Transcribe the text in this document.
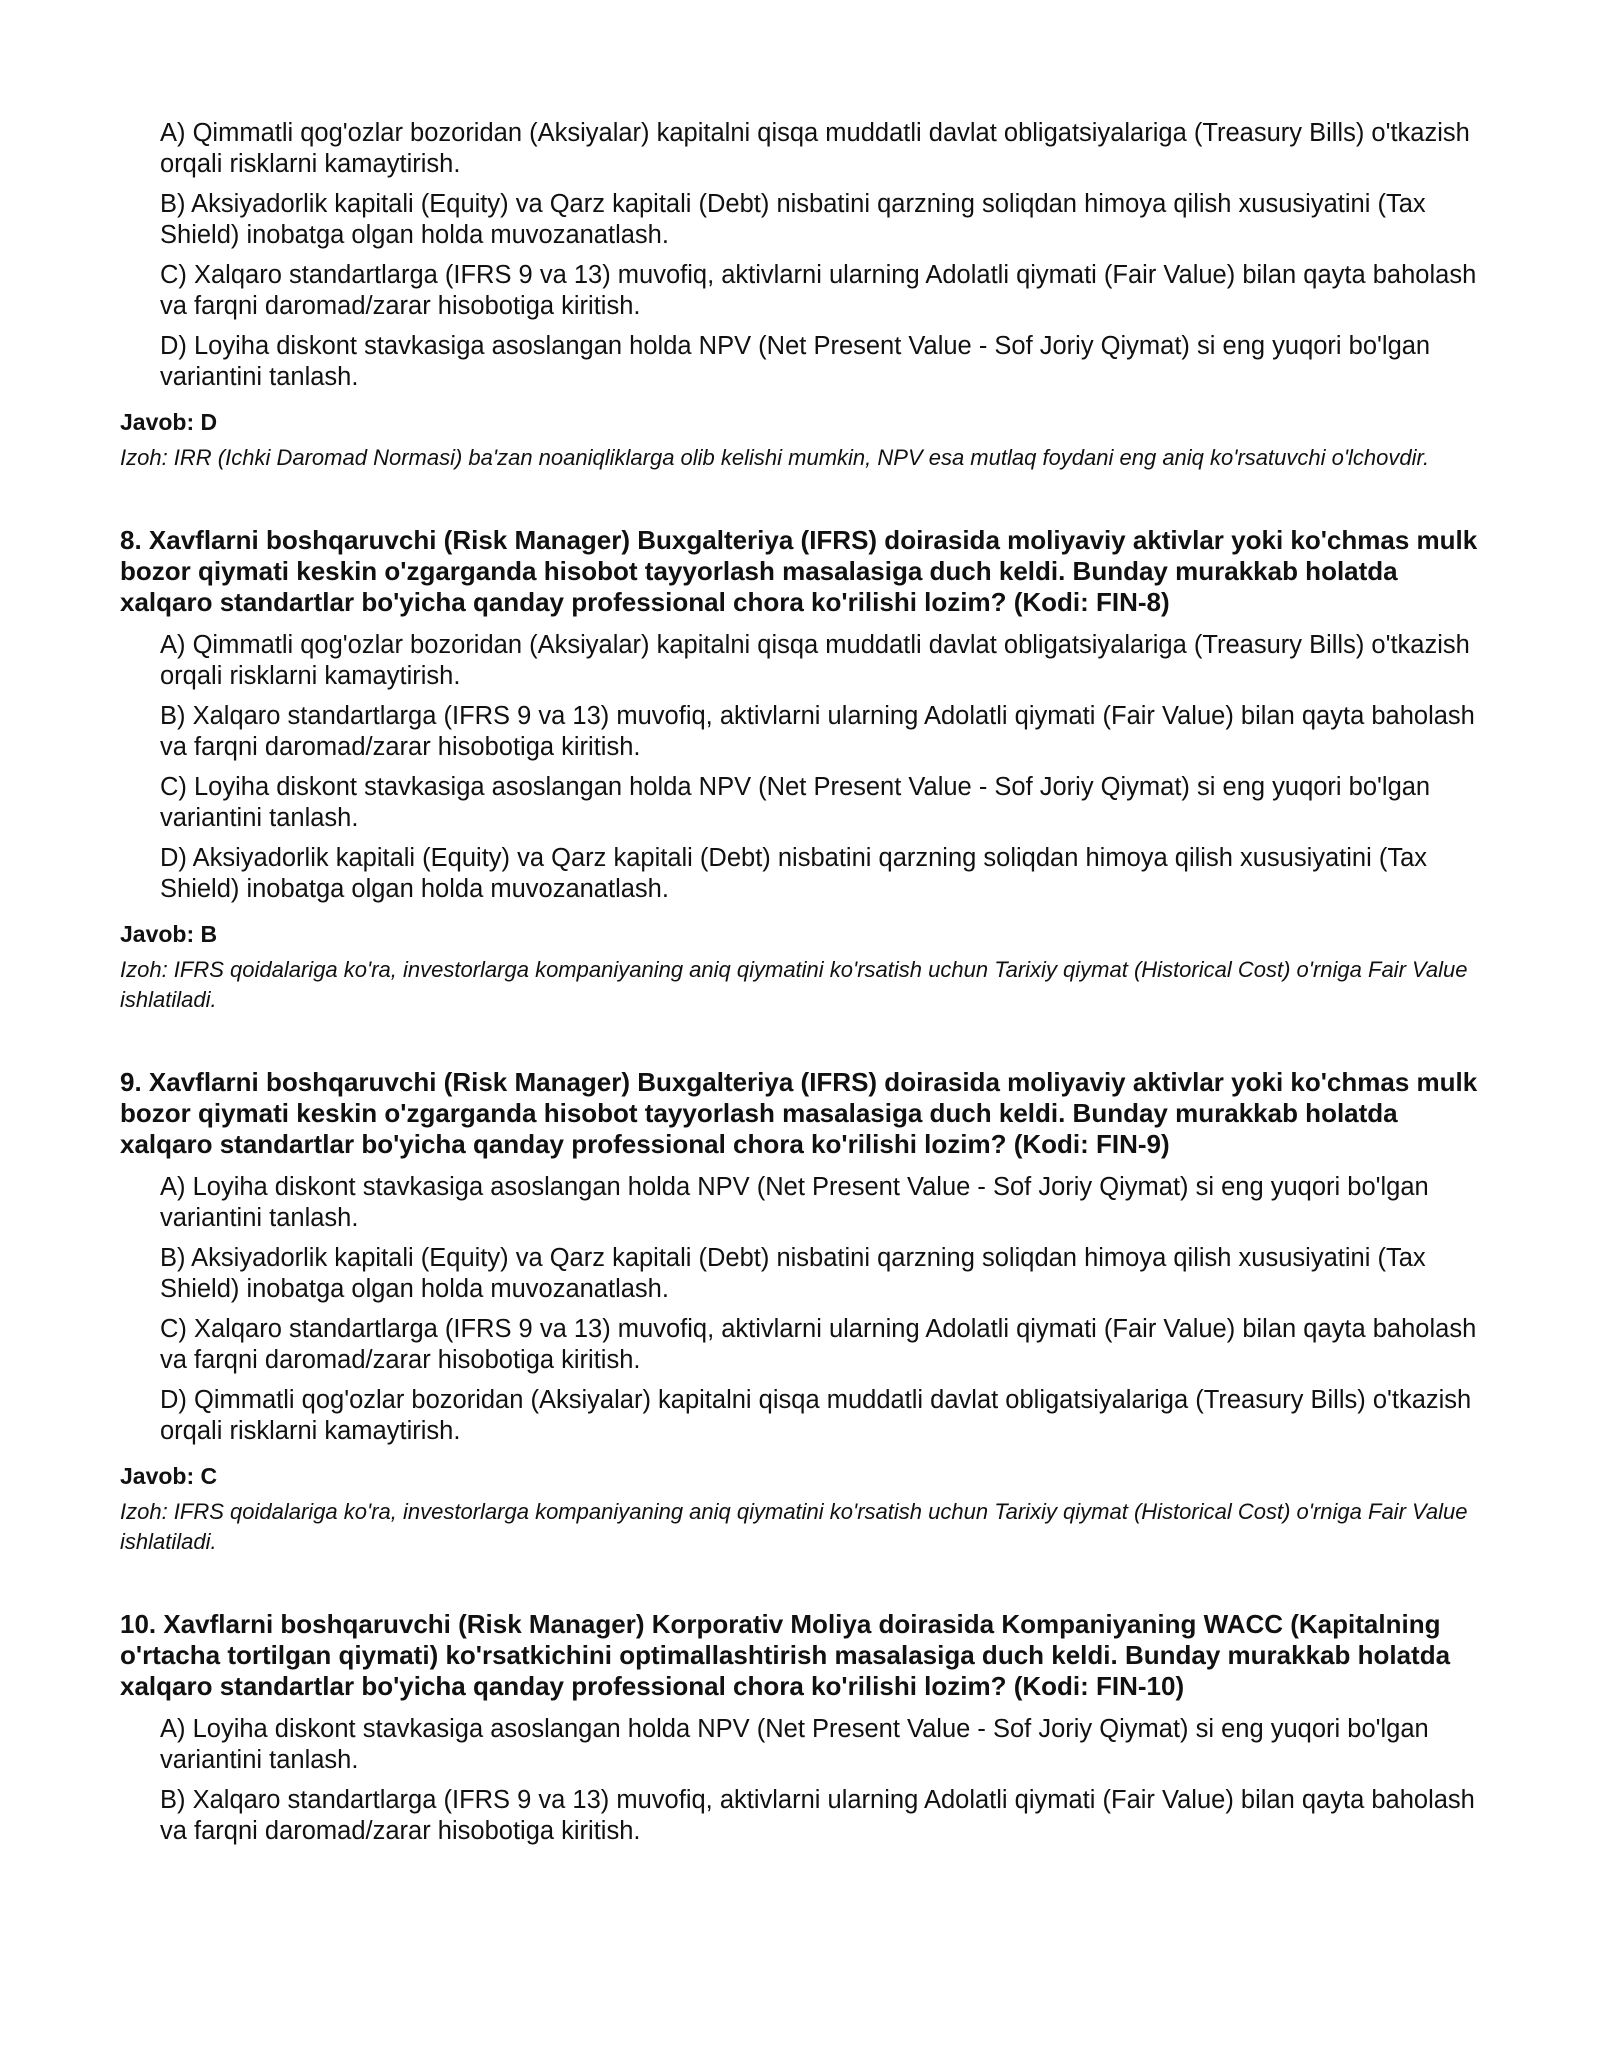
A) Qimmatli qog'ozlar bozoridan (Aksiyalar) kapitalni qisqa muddatli davlat obligatsiyalariga (Treasury Bills) o'tkazish orqali risklarni kamaytirish.
B) Aksiyadorlik kapitali (Equity) va Qarz kapitali (Debt) nisbatini qarzning soliqdan himoya qilish xususiyatini (Tax Shield) inobatga olgan holda muvozanatlash.
C) Xalqaro standartlarga (IFRS 9 va 13) muvofiq, aktivlarni ularning Adolatli qiymati (Fair Value) bilan qayta baholash va farqni daromad/zarar hisobotiga kiritish.
D) Loyiha diskont stavkasiga asoslangan holda NPV (Net Present Value - Sof Joriy Qiymat) si eng yuqori bo'lgan variantini tanlash.
Javob: D
Izoh: IRR (Ichki Daromad Normasi) ba'zan noaniqliklarga olib kelishi mumkin, NPV esa mutlaq foydani eng aniq ko'rsatuvchi o'lchovdir.
8. Xavflarni boshqaruvchi (Risk Manager) Buxgalteriya (IFRS) doirasida moliyaviy aktivlar yoki ko'chmas mulk bozor qiymati keskin o'zgarganda hisobot tayyorlash masalasiga duch keldi. Bunday murakkab holatda xalqaro standartlar bo'yicha qanday professional chora ko'rilishi lozim? (Kodi: FIN-8)
A) Qimmatli qog'ozlar bozoridan (Aksiyalar) kapitalni qisqa muddatli davlat obligatsiyalariga (Treasury Bills) o'tkazish orqali risklarni kamaytirish.
B) Xalqaro standartlarga (IFRS 9 va 13) muvofiq, aktivlarni ularning Adolatli qiymati (Fair Value) bilan qayta baholash va farqni daromad/zarar hisobotiga kiritish.
C) Loyiha diskont stavkasiga asoslangan holda NPV (Net Present Value - Sof Joriy Qiymat) si eng yuqori bo'lgan variantini tanlash.
D) Aksiyadorlik kapitali (Equity) va Qarz kapitali (Debt) nisbatini qarzning soliqdan himoya qilish xususiyatini (Tax Shield) inobatga olgan holda muvozanatlash.
Javob: B
Izoh: IFRS qoidalariga ko'ra, investorlarga kompaniyaning aniq qiymatini ko'rsatish uchun Tarixiy qiymat (Historical Cost) o'rniga Fair Value ishlatiladi.
9. Xavflarni boshqaruvchi (Risk Manager) Buxgalteriya (IFRS) doirasida moliyaviy aktivlar yoki ko'chmas mulk bozor qiymati keskin o'zgarganda hisobot tayyorlash masalasiga duch keldi. Bunday murakkab holatda xalqaro standartlar bo'yicha qanday professional chora ko'rilishi lozim? (Kodi: FIN-9)
A) Loyiha diskont stavkasiga asoslangan holda NPV (Net Present Value - Sof Joriy Qiymat) si eng yuqori bo'lgan variantini tanlash.
B) Aksiyadorlik kapitali (Equity) va Qarz kapitali (Debt) nisbatini qarzning soliqdan himoya qilish xususiyatini (Tax Shield) inobatga olgan holda muvozanatlash.
C) Xalqaro standartlarga (IFRS 9 va 13) muvofiq, aktivlarni ularning Adolatli qiymati (Fair Value) bilan qayta baholash va farqni daromad/zarar hisobotiga kiritish.
D) Qimmatli qog'ozlar bozoridan (Aksiyalar) kapitalni qisqa muddatli davlat obligatsiyalariga (Treasury Bills) o'tkazish orqali risklarni kamaytirish.
Javob: C
Izoh: IFRS qoidalariga ko'ra, investorlarga kompaniyaning aniq qiymatini ko'rsatish uchun Tarixiy qiymat (Historical Cost) o'rniga Fair Value ishlatiladi.
10. Xavflarni boshqaruvchi (Risk Manager) Korporativ Moliya doirasida Kompaniyaning WACC (Kapitalning o'rtacha tortilgan qiymati) ko'rsatkichini optimallashtirish masalasiga duch keldi. Bunday murakkab holatda xalqaro standartlar bo'yicha qanday professional chora ko'rilishi lozim? (Kodi: FIN-10)
A) Loyiha diskont stavkasiga asoslangan holda NPV (Net Present Value - Sof Joriy Qiymat) si eng yuqori bo'lgan variantini tanlash.
B) Xalqaro standartlarga (IFRS 9 va 13) muvofiq, aktivlarni ularning Adolatli qiymati (Fair Value) bilan qayta baholash va farqni daromad/zarar hisobotiga kiritish.
